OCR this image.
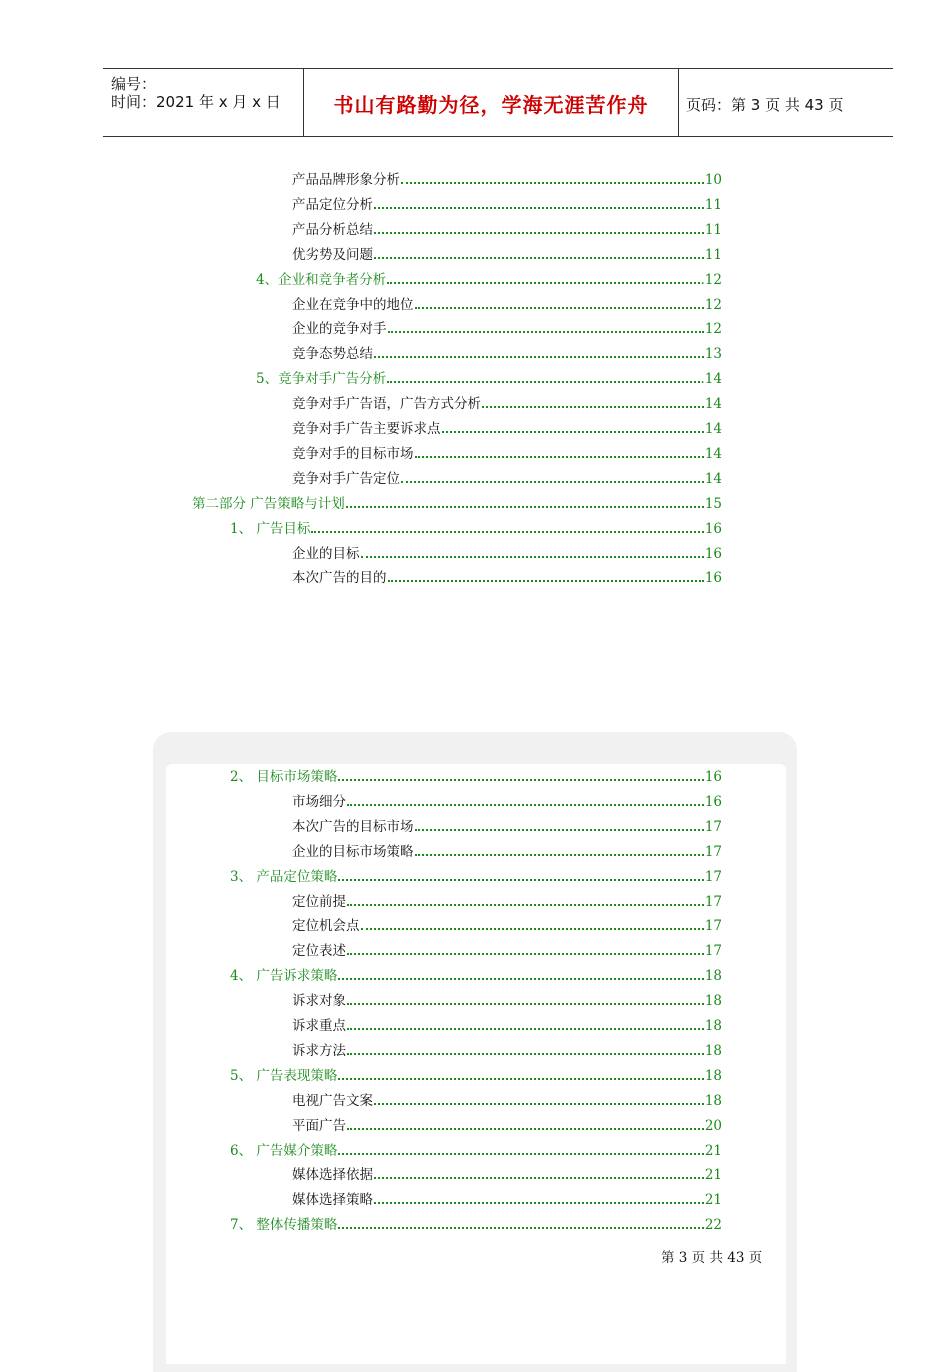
编号：
时间：2021 年 x 月 x 日	书山有路勤为径，学海无涯苦作舟	页码：第 3 页 共 43 页
产品品牌形象分析	10
产品定位分析	11
产品分析总结	11
优劣势及问题	11
4、企业和竞争者分析	.12
企业在竞争中的地位	12
企业的竞争对手	12
竞争态势总结	13
5、竞争对手广告分析	.14
竞争对手广告语，广告方式分析	14
竞争对手广告主要诉求点	14
竞争对手的目标市场	14
竞争对手广告定位	14
第二部分 广告策略与计划	15
1、 广告目标	16
企业的目标	16
本次广告的目的	16
2、 目标市场策略	16
市场细分	16
本次广告的目标市场	17
企业的目标市场策略	17
3、 产品定位策略	17
定位前提	17
定位机会点	17
定位表述	17
4、 广告诉求策略	18
诉求对象	18
诉求重点	18
诉求方法	18
5、 广告表现策略	18
电视广告文案	18
平面广告	20
6、 广告媒介策略	21
媒体选择依据	21
媒体选择策略	21
7、 整体传播策略	22
第 3 页 共 43 页
